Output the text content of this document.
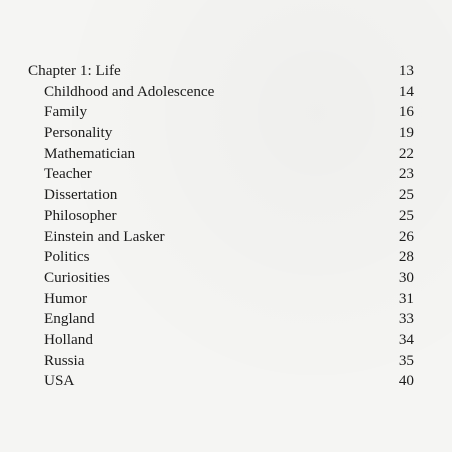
Chapter 1: Life	13
Childhood and Adolescence	14
Family	16
Personality	19
Mathematician	22
Teacher	23
Dissertation	25
Philosopher	25
Einstein and Lasker	26
Politics	28
Curiosities	30
Humor	31
England	33
Holland	34
Russia	35
USA	40
